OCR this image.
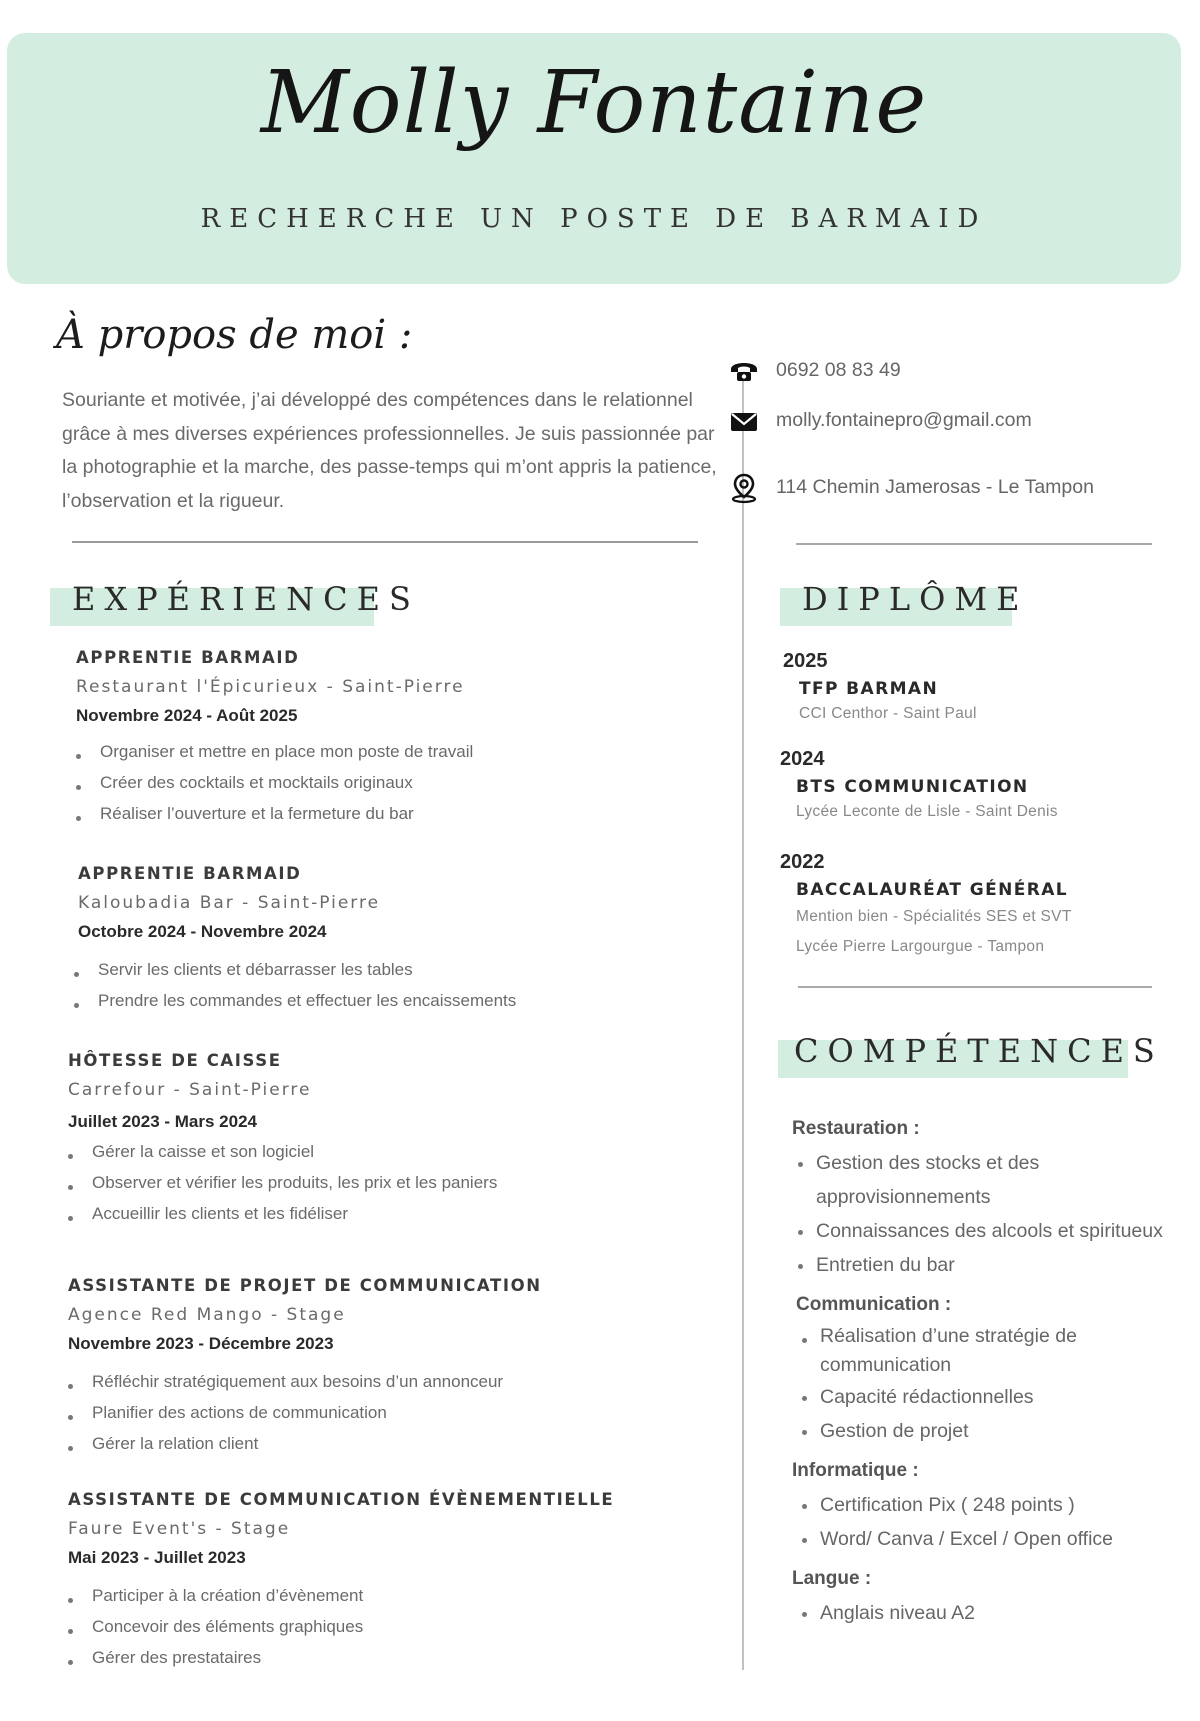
Molly Fontaine
RECHERCHE UN POSTE DE BARMAID
À propos de moi :
Souriante et motivée, j’ai développé des compétences dans le relationnel grâce à mes diverses expériences professionnelles. Je suis passionnée par la photographie et la marche, des passe-temps qui m’ont appris la patience, l’observation et la rigueur.
0692 08 83 49
molly.fontainepro@gmail.com
114 Chemin Jamerosas - Le Tampon
EXPÉRIENCES
APPRENTIE BARMAID
Restaurant l'Épicurieux - Saint-Pierre
Novembre 2024 - Août 2025
Organiser et mettre en place mon poste de travail
Créer des cocktails et mocktails originaux
Réaliser l’ouverture et la fermeture du bar
APPRENTIE BARMAID
Kaloubadia Bar - Saint-Pierre
Octobre 2024 - Novembre 2024
Servir les clients et débarrasser les tables
Prendre les commandes et effectuer les encaissements
HÔTESSE DE CAISSE
Carrefour - Saint-Pierre
Juillet 2023 - Mars 2024
Gérer la caisse et son logiciel
Observer et vérifier les produits, les prix et les paniers
Accueillir les clients et les fidéliser
ASSISTANTE DE PROJET DE COMMUNICATION
Agence Red Mango - Stage
Novembre 2023 - Décembre 2023
Réfléchir stratégiquement aux besoins d’un annonceur
Planifier des actions de communication
Gérer la relation client
ASSISTANTE DE COMMUNICATION ÉVÈNEMENTIELLE
Faure Event's - Stage
Mai 2023 - Juillet 2023
Participer à la création d’évènement
Concevoir des éléments graphiques
Gérer des prestataires
DIPLÔME
2025
TFP BARMAN
CCI Centhor - Saint Paul
2024
BTS COMMUNICATION
Lycée Leconte de Lisle - Saint Denis
2022
BACCALAURÉAT GÉNÉRAL
Mention bien - Spécialités SES et SVT
Lycée Pierre Largourgue - Tampon
COMPÉTENCES
Restauration :
Gestion des stocks et des approvisionnements
Connaissances des alcools et spiritueux
Entretien du bar
Communication :
Réalisation d’une stratégie de communication
Capacité rédactionnelles
Gestion de projet
Informatique :
Certification Pix ( 248 points )
Word/ Canva / Excel / Open office
Langue :
Anglais niveau A2
